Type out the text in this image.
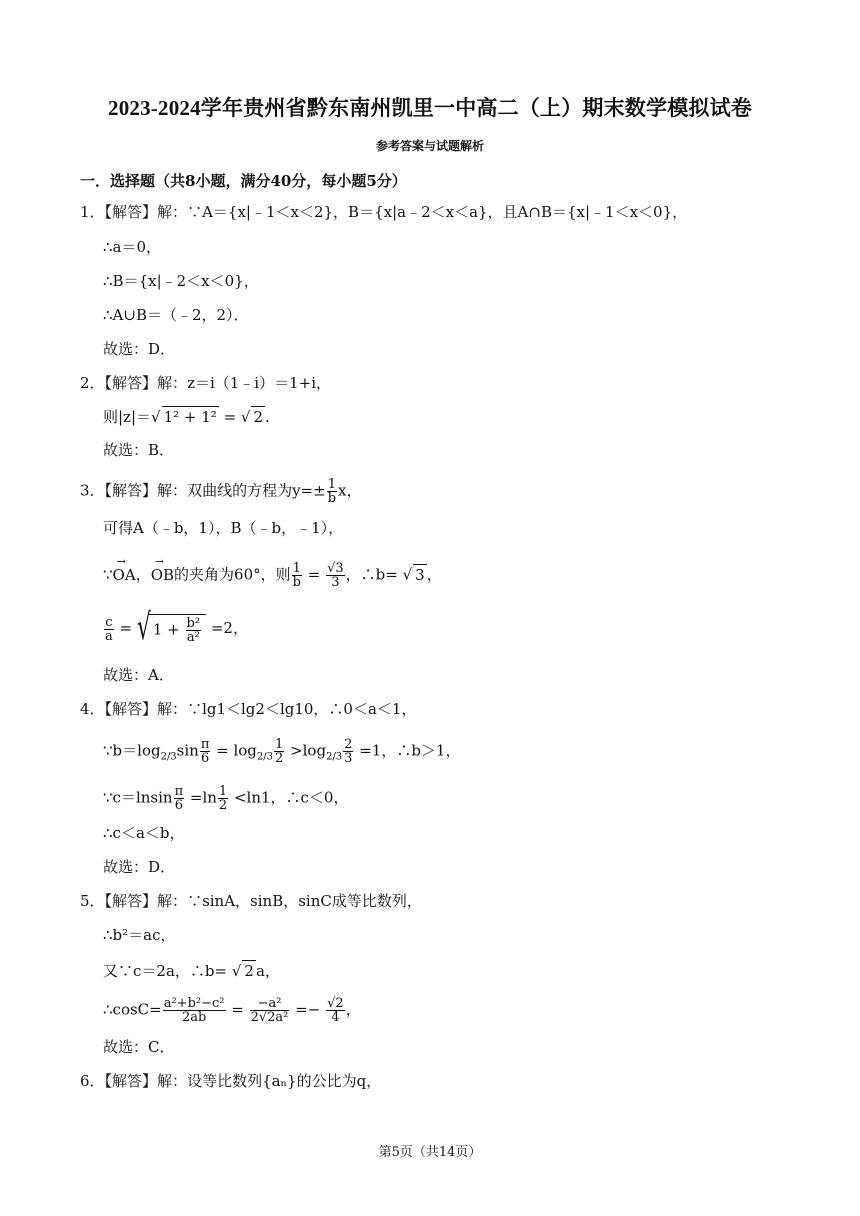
2023-2024学年贵州省黔东南州凯里一中高二（上）期末数学模拟试卷
参考答案与试题解析
一．选择题（共8小题，满分40分，每小题5分）
1．【解答】解：∵A＝{x|﹣1＜x＜2}，B＝{x|a﹣2＜x＜a}，且A∩B＝{x|﹣1＜x＜0}，
∴a＝0，
∴B＝{x|﹣2＜x＜0}，
∴A∪B＝（﹣2，2）．
故选：D．
2．【解答】解：z＝i（1﹣i）＝1+i，
则|z|＝√ 1² + 1² = √ 2 .
故选：B．
3．【解答】解：双曲线的方程为$y=\pm \frac{1}{b}$ x，
可得A（﹣b，1），B（﹣b，﹣1），
∵→ OA，→ OB的夹角为60°，则 $\frac{1}{b} = \frac{√3}{3}$ ，∴b= √ 3 ，
$\frac{c}{a}$ = √ $1 + \frac{\text{b²}}{\text{a²}} =2$，
故选：A．
4．【解答】解：∵lg1＜lg2＜lg10，∴0＜a＜1，
$\because b=\log_{2/3}\sin \frac{\pi}{6} = \log_{2/3} \frac{1}{2} >\log_{2/3} \frac{2}{3} =1$，∴b＞1，
∵c＝lnsin $\frac{\pi}{6} =\ln \frac{1}{2} <\ln 1$，∴c＜0，
∴c＜a＜b，
故选：D．
5．【解答】解：∵sinA，sinB，sinC成等比数列，
∴b²＝ac，
又∵c＝2a，∴b= √ 2 a，
∴cosC= $\frac{\text{a²+b²−c²}}{2ab} = \frac{\text{−a²}}{\text{2√2a²}} =- \frac{√2}{4}$ ，
故选：C．
6．【解答】解：设等比数列{aₙ}的公比为q，
第5页（共14页）
